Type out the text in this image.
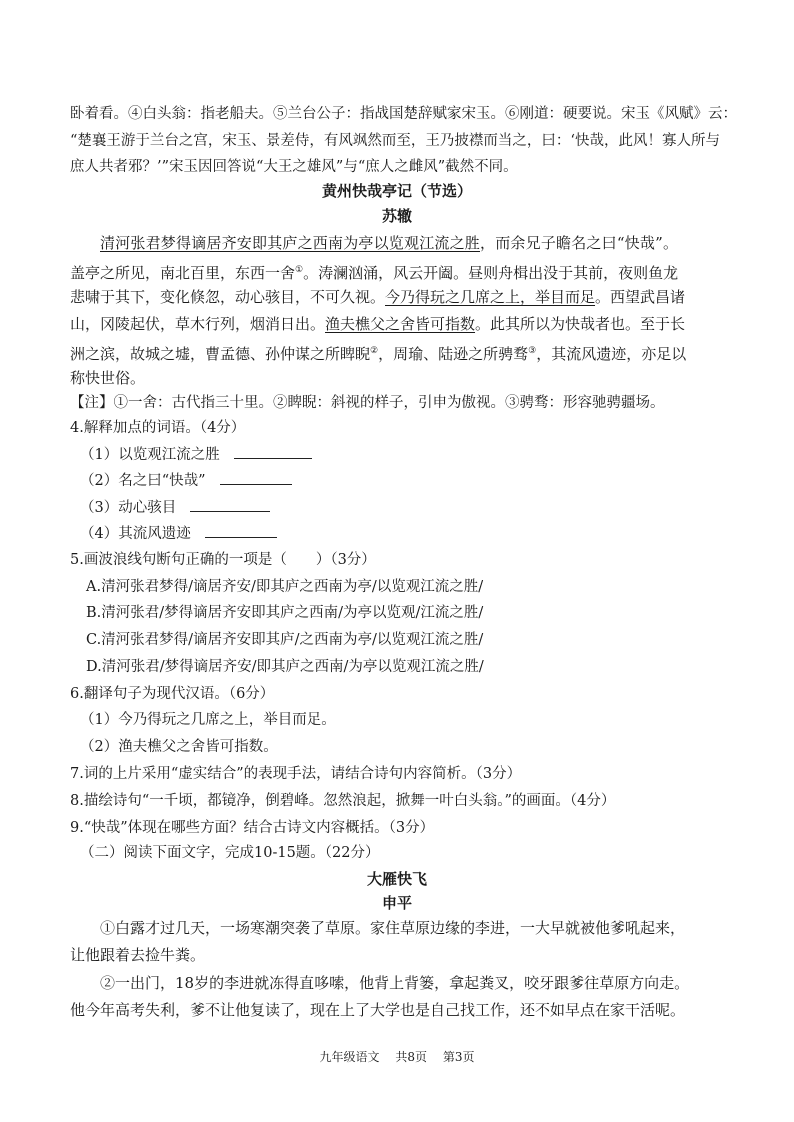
卧着看。④白头翁：指老船夫。⑤兰台公子：指战国楚辞赋家宋玉。⑥刚道：硬要说。宋玉《风赋》云：
“楚襄王游于兰台之宫，宋玉、景差侍，有风飒然而至，王乃披襟而当之，曰：‘快哉，此风！寡人所与
庶人共者邪？’”宋玉因回答说“大王之雄风”与“庶人之雌风”截然不同。
黄州快哉亭记（节选）
苏辙
清河张君梦得谪居齐安即其庐之西南为亭以览观江流之胜，而余兄子瞻名之曰“快哉”。
盖亭之所见，南北百里，东西一舍①。涛澜汹涌，风云开阖。昼则舟楫出没于其前，夜则鱼龙
悲啸于其下，变化倏忽，动心骇目，不可久视。今乃得玩之几席之上，举目而足。西望武昌诸
山，冈陵起伏，草木行列，烟消日出。渔夫樵父之舍皆可指数。此其所以为快哉者也。至于长
洲之滨，故城之墟，曹孟德、孙仲谋之所睥睨②，周瑜、陆逊之所骋骛③，其流风遗迹，亦足以
称快世俗。
【注】①一舍：古代指三十里。②睥睨：斜视的样子，引申为傲视。③骋骛：形容驰骋疆场。
4.解释加点的词语。（4分）
（1）以览观江流之胜
（2）名之曰“快哉”
（3）动心骇目
（4）其流风遗迹
5.画波浪线句断句正确的一项是（　　）（3分）
A.清河张君梦得/谪居齐安/即其庐之西南为亭/以览观江流之胜/
B.清河张君/梦得谪居齐安即其庐之西南/为亭以览观/江流之胜/
C.清河张君梦得/谪居齐安即其庐/之西南为亭/以览观江流之胜/
D.清河张君/梦得谪居齐安/即其庐之西南/为亭以览观江流之胜/
6.翻译句子为现代汉语。（6分）
（1）今乃得玩之几席之上，举目而足。
（2）渔夫樵父之舍皆可指数。
7.词的上片采用“虚实结合”的表现手法，请结合诗句内容简析。（3分）
8.描绘诗句“一千顷，都镜净，倒碧峰。忽然浪起，掀舞一叶白头翁。”的画面。（4分）
9.“快哉”体现在哪些方面？结合古诗文内容概括。（3分）
（二）阅读下面文字，完成10-15题。（22分）
大雁快飞
申平
①白露才过几天，一场寒潮突袭了草原。家住草原边缘的李进，一大早就被他爹吼起来，
让他跟着去捡牛粪。
②一出门，18岁的李进就冻得直哆嗦，他背上背篓，拿起粪叉，咬牙跟爹往草原方向走。
他今年高考失利，爹不让他复读了，现在上了大学也是自己找工作，还不如早点在家干活呢。
九年级语文 共8页 第3页
